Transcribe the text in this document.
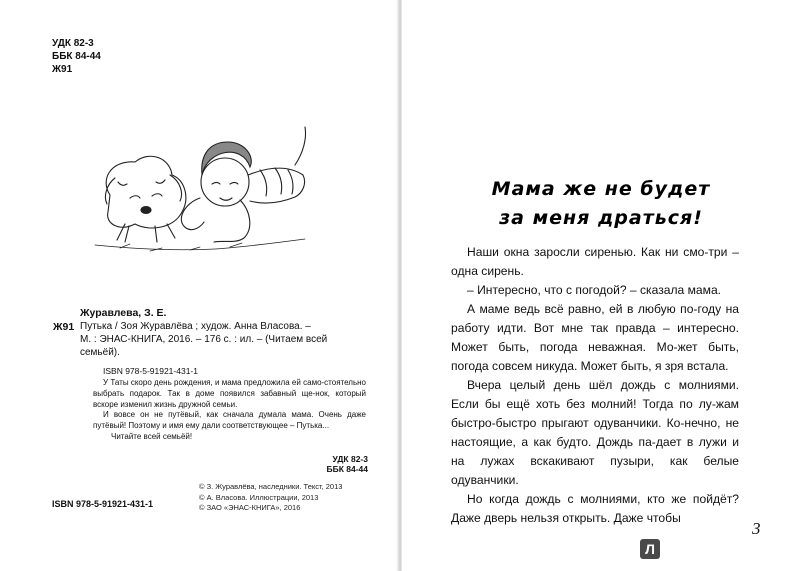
УДК 82-3
ББК 84-44
Ж91
Журавлева, З. Е.
Ж91 Путька / Зоя Журавлёва ; худож. Анна Власова. –
М. : ЭНАС-КНИГА, 2016. – 176 с. : ил. – (Читаем всей
семьёй).
ISBN 978-5-91921-431-1

У Таты скоро день рождения, и мама предложила ей само-стоятельно выбрать подарок. Так в доме появился забавный ще-нок, который вскоре изменил жизнь дружной семьи.

И вовсе он не путёвый, как сначала думала мама. Очень даже путёвый! Поэтому и имя ему дали соответствующее – Путька...

Читайте всей семьёй!

УДК 82-3
ББК 84-44
© З. Журавлёва, наследники. Текст, 2013
© А. Власова. Иллюстрации, 2013
© ЗАО «ЭНАС-КНИГА», 2016
ISBN 978-5-91921-431-1
Мама же не будет
за меня драться!

Наши окна заросли сиренью. Как ни смо-три – одна сирень.

– Интересно, что с погодой? – сказала мама.

А маме ведь всё равно, ей в любую по-году на работу идти. Вот мне так правда – интересно. Может быть, погода неважная. Мо-жет быть, погода совсем никуда. Может быть, я зря встала.

Вчера целый день шёл дождь с молниями. Если бы ещё хоть без молний! Тогда по лу-жам быстро-быстро прыгают одуванчики. Ко-нечно, не настоящие, а как будто. Дождь па-дает в лужи и на лужах вскакивают пузыри, как белые одуванчики.

Но когда дождь с молниями, кто же пойдёт? Даже дверь нельзя открыть. Даже чтобы

3
Л
